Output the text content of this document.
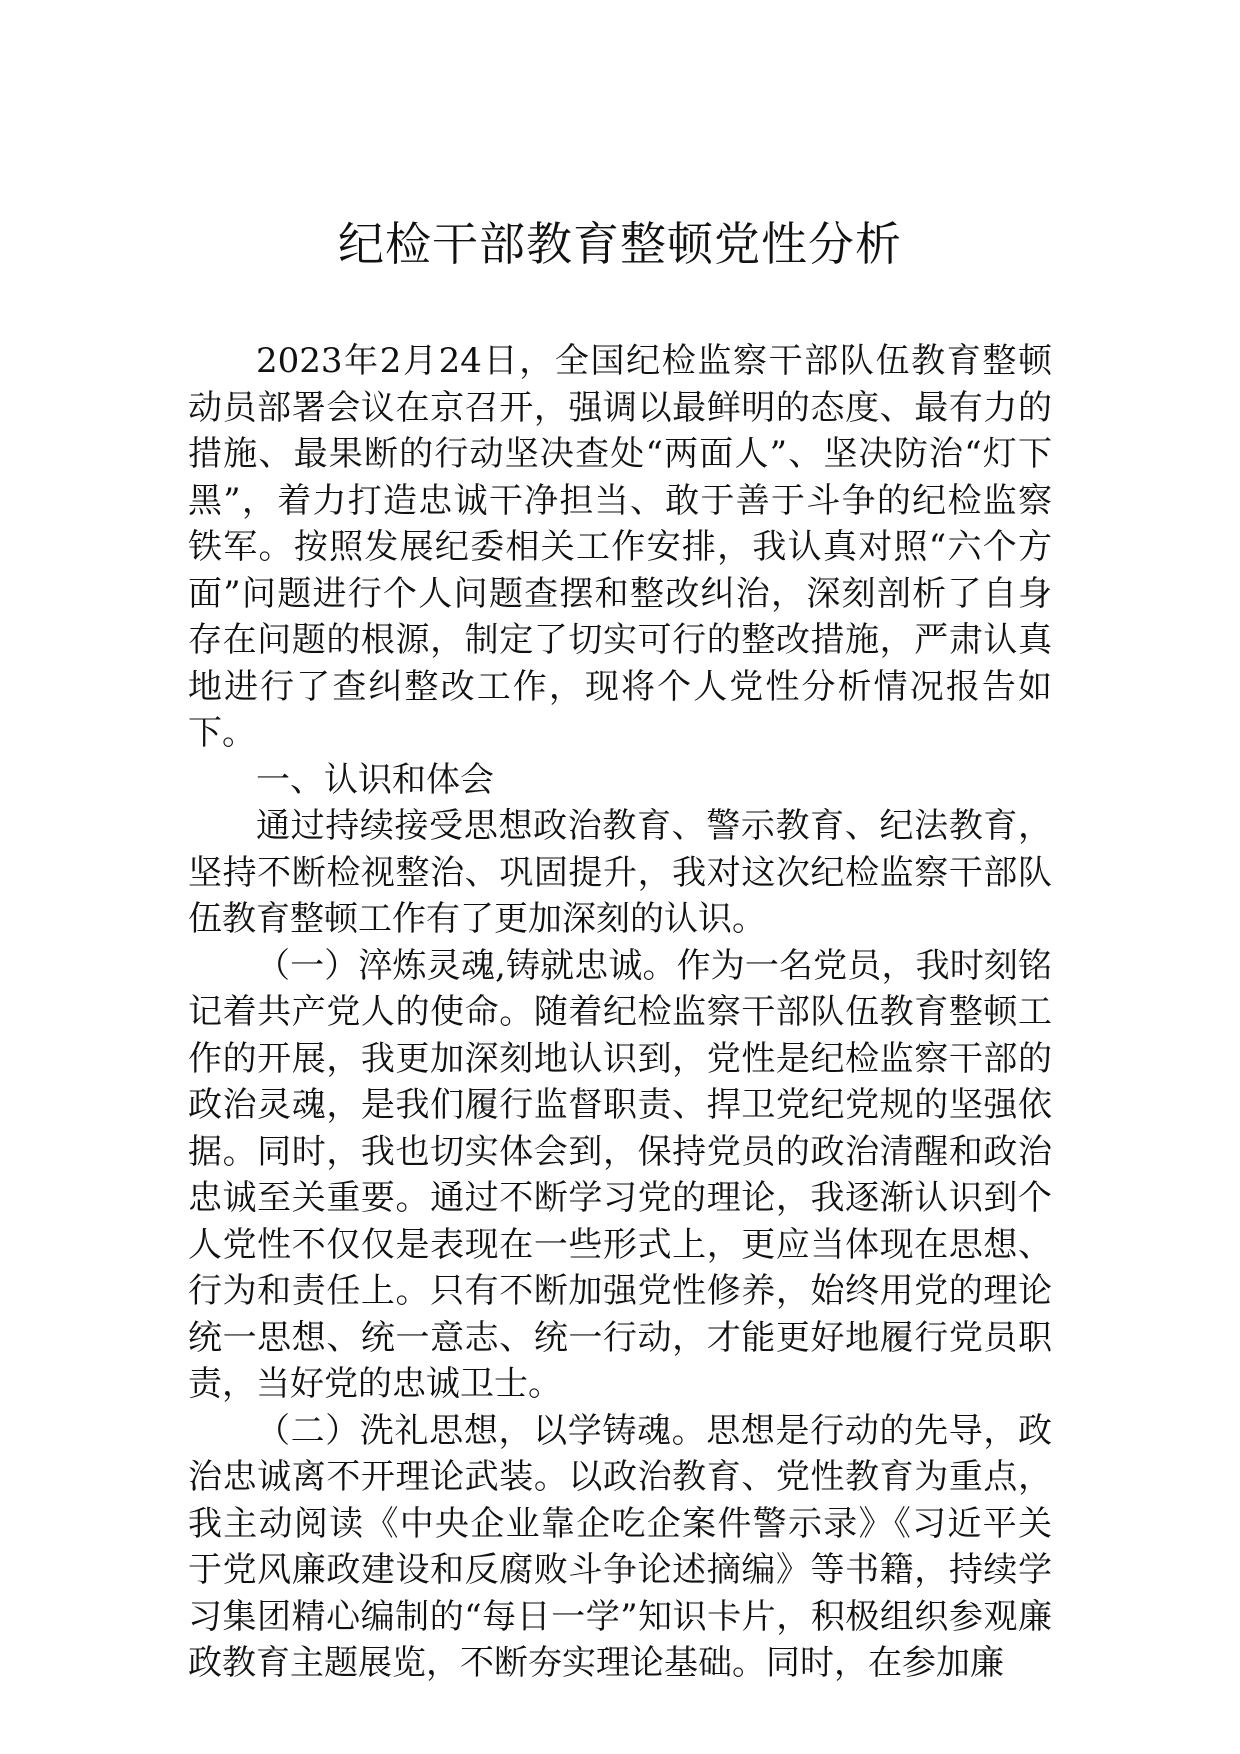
纪检干部教育整顿党性分析

2023年2月24日，全国纪检监察干部队伍教育整顿动员部署会议在京召开，强调以最鲜明的态度、最有力的措施、最果断的行动坚决查处“两面人”、坚决防治“灯下黑”，着力打造忠诚干净担当、敢于善于斗争的纪检监察铁军。按照发展纪委相关工作安排，我认真对照“六个方面”问题进行个人问题查摆和整改纠治，深刻剖析了自身存在问题的根源，制定了切实可行的整改措施，严肃认真地进行了查纠整改工作，现将个人党性分析情况报告如下。

一、认识和体会

通过持续接受思想政治教育、警示教育、纪法教育，坚持不断检视整治、巩固提升，我对这次纪检监察干部队伍教育整顿工作有了更加深刻的认识。

（一）淬炼灵魂,铸就忠诚。作为一名党员，我时刻铭记着共产党人的使命。随着纪检监察干部队伍教育整顿工作的开展，我更加深刻地认识到，党性是纪检监察干部的政治灵魂，是我们履行监督职责、捍卫党纪党规的坚强依据。同时，我也切实体会到，保持党员的政治清醒和政治忠诚至关重要。通过不断学习党的理论，我逐渐认识到个人党性不仅仅是表现在一些形式上，更应当体现在思想、行为和责任上。只有不断加强党性修养，始终用党的理论统一思想、统一意志、统一行动，才能更好地履行党员职责，当好党的忠诚卫士。

（二）洗礼思想，以学铸魂。思想是行动的先导，政治忠诚离不开理论武装。以政治教育、党性教育为重点，我主动阅读《中央企业靠企吃企案件警示录》《习近平关于党风廉政建设和反腐败斗争论述摘编》等书籍，持续学习集团精心编制的“每日一学”知识卡片，积极组织参观廉政教育主题展览，不断夯实理论基础。同时，在参加廉
